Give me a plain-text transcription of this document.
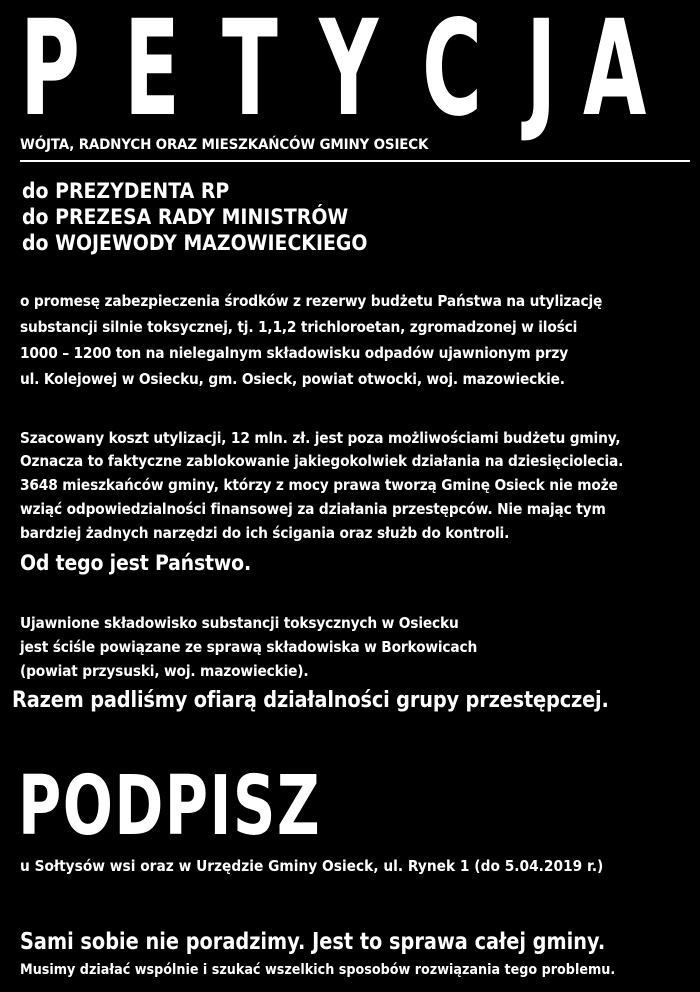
P E T Y C J A
WÓJTA, RADNYCH ORAZ MIESZKAŃCÓW GMINY OSIECK
do PREZYDENTA RP
do PREZESA RADY MINISTRÓW
do WOJEWODY MAZOWIECKIEGO
o promesę zabezpieczenia środków z rezerwy budżetu Państwa na utylizację
substancji silnie toksycznej, tj. 1,1,2 trichloroetan, zgromadzonej w ilości
1000 – 1200 ton na nielegalnym składowisku odpadów ujawnionym przy
ul. Kolejowej w Osiecku, gm. Osieck, powiat otwocki, woj. mazowieckie.
Szacowany koszt utylizacji, 12 mln. zł. jest poza możliwościami budżetu gminy,
Oznacza to faktyczne zablokowanie jakiegokolwiek działania na dziesięciolecia.
3648 mieszkańców gminy, którzy z mocy prawa tworzą Gminę Osieck nie może
wziąć odpowiedzialności finansowej za działania przestępców. Nie mając tym
bardziej żadnych narzędzi do ich ścigania oraz służb do kontroli.
Od tego jest Państwo.
Ujawnione składowisko substancji toksycznych w Osiecku
jest ściśle powiązane ze sprawą składowiska w Borkowicach
(powiat przysuski, woj. mazowieckie).
Razem padliśmy ofiarą działalności grupy przestępczej.
PODPISZ
u Sołtysów wsi oraz w Urzędzie Gminy Osieck, ul. Rynek 1 (do 5.04.2019 r.)
Sami sobie nie poradzimy. Jest to sprawa całej gminy.
Musimy działać wspólnie i szukać wszelkich sposobów rozwiązania tego problemu.
